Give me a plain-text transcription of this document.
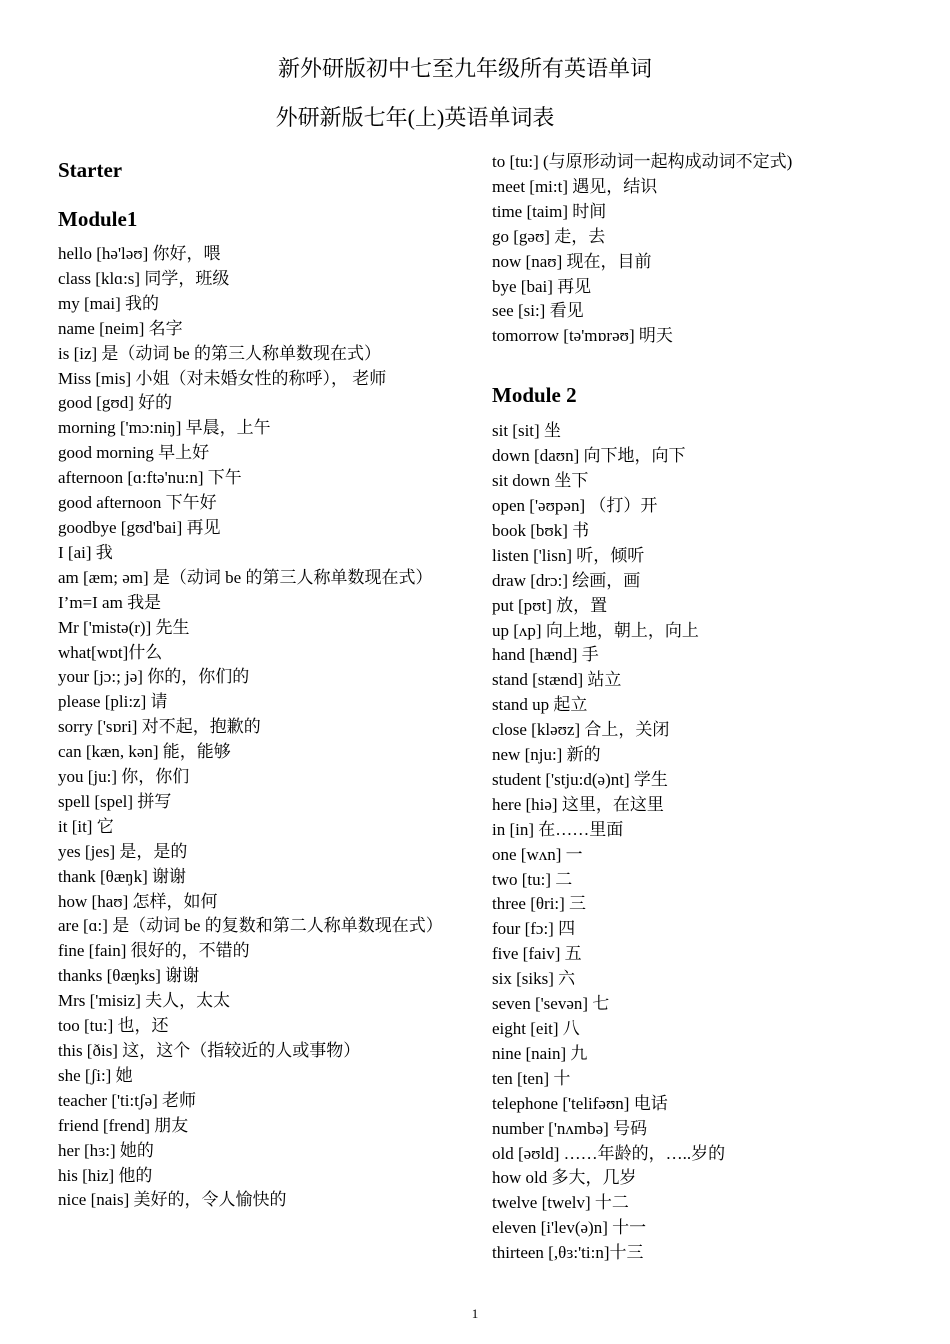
新外研版初中七至九年级所有英语单词
外研新版七年(上)英语单词表
Starter
Module1
hello [hə'ləʊ] 你好，喂
class [klɑ:s] 同学，班级
my [mai] 我的
name [neim] 名字
is [iz] 是（动词 be 的第三人称单数现在式）
Miss [mis] 小姐（对未婚女性的称呼）， 老师
good [gʊd] 好的
morning ['mɔ:niŋ] 早晨，上午
good morning 早上好
afternoon [ɑ:ftə'nu:n] 下午
good afternoon 下午好
goodbye [gʊd'bai] 再见
I [ai] 我
am [æm; əm] 是（动词 be 的第三人称单数现在式）
I’m=I am 我是
Mr ['mistə(r)] 先生
what[wɒt]什么
your [jɔ:; jə] 你的，你们的
please [pli:z] 请
sorry ['sɒri] 对不起，抱歉的
can [kæn, kən] 能，能够
you [ju:] 你，你们
spell [spel] 拼写
it [it] 它
yes [jes] 是，是的
thank [θæŋk] 谢谢
how [haʊ] 怎样，如何
are [ɑ:] 是（动词 be 的复数和第二人称单数现在式）
fine [fain] 很好的，不错的
thanks [θæŋks] 谢谢
Mrs ['misiz] 夫人，太太
too [tu:] 也，还
this [ðis] 这，这个（指较近的人或事物）
she [ʃi:] 她
teacher ['ti:tʃə] 老师
friend [frend] 朋友
her [hɜ:] 她的
his [hiz] 他的
nice [nais] 美好的，令人愉快的
to [tu:] (与原形动词一起构成动词不定式)
meet [mi:t] 遇见，结识
time [taim] 时间
go [gəʊ] 走，去
now [naʊ] 现在，目前
bye [bai] 再见
see [si:] 看见
tomorrow [tə'mɒrəʊ] 明天
Module 2
sit [sit] 坐
down [daʊn] 向下地，向下
sit down 坐下
open ['əʊpən] （打）开
book [bʊk] 书
listen ['lisn] 听，倾听
draw [drɔ:] 绘画，画
put [pʊt] 放，置
up [ʌp] 向上地，朝上，向上
hand [hænd] 手
stand [stænd] 站立
stand up 起立
close [kləʊz] 合上，关闭
new [nju:] 新的
student ['stju:d(ə)nt] 学生
here [hiə] 这里，在这里
in [in] 在……里面
one [wʌn] 一
two [tu:] 二
three [θri:] 三
four [fɔ:] 四
five [faiv] 五
six [siks] 六
seven ['sevən] 七
eight [eit] 八
nine [nain] 九
ten [ten] 十
telephone ['telifəʊn] 电话
number ['nʌmbə] 号码
old [əʊld] ……年龄的，…..岁的
how old 多大，几岁
twelve [twelv] 十二
eleven [i'lev(ə)n] 十一
thirteen [,θɜ:'ti:n]十三
1
